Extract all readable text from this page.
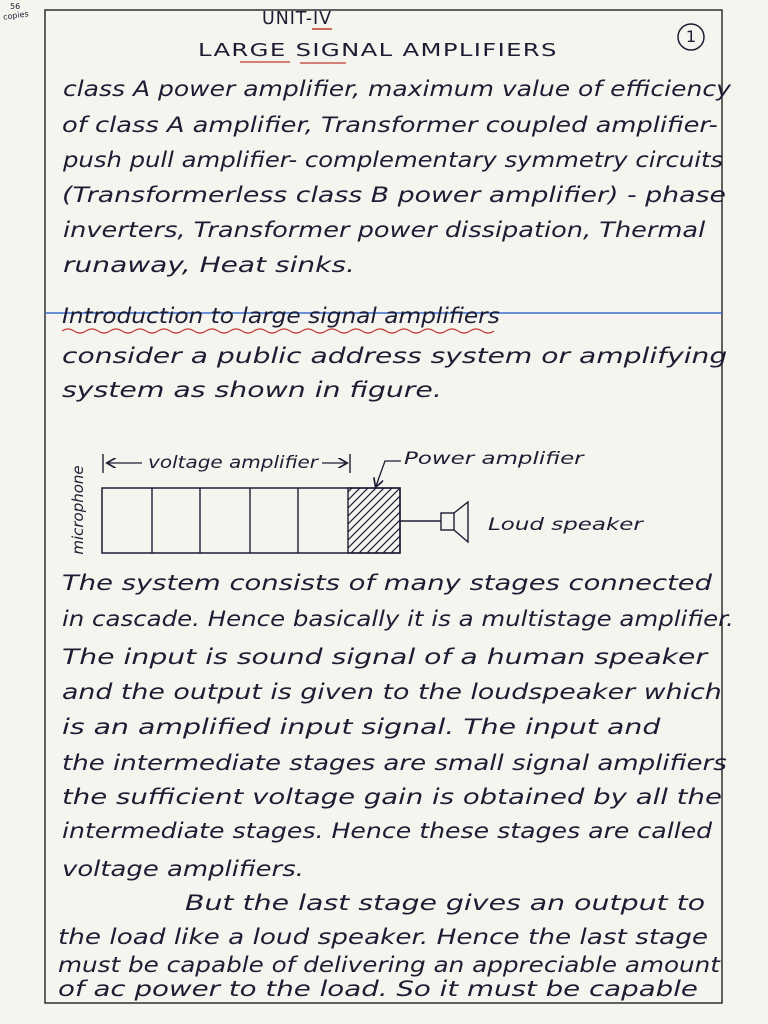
56
copies	UNIT-IV
1
LARGE SIGNAL AMPLIFIERS
class A power amplifier, maximum value of efficiency
of class A amplifier, Transformer coupled amplifier-
push pull amplifier- complementary symmetry circuits
(Transformerless class B power amplifier) - phase
inverters, Transformer power dissipation, Thermal
runaway, Heat sinks.
Introduction to large signal amplifiers
consider a public address system or amplifying
system as shown in figure.
microphone
voltage amplifier	Power amplifier
Loud speaker
The system consists of many stages connected
in cascade. Hence basically it is a multistage amplifier.
The input is sound signal of a human speaker
and the output is given to the loudspeaker which
is an amplified input signal. The input and
the intermediate stages are small signal amplifiers
the sufficient voltage gain is obtained by all the
intermediate stages. Hence these stages are called
voltage amplifiers.
But the last stage gives an output to
the load like a loud speaker. Hence the last stage
must be capable of delivering an appreciable amount
of ac power to the load. So it must be capable
